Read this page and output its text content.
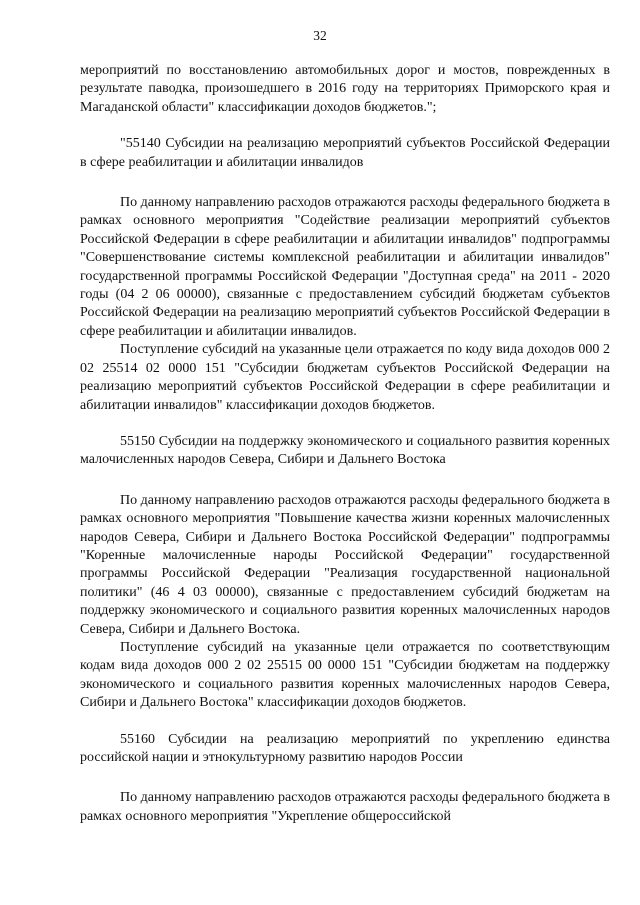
32

мероприятий по восстановлению автомобильных дорог и мостов, поврежденных в результате паводка, произошедшего в 2016 году на территориях Приморского края и Магаданской области" классификации доходов бюджетов.";

"55140 Субсидии на реализацию мероприятий субъектов Российской Федерации в сфере реабилитации и абилитации инвалидов

По данному направлению расходов отражаются расходы федерального бюджета в рамках основного мероприятия "Содействие реализации мероприятий субъектов Российской Федерации в сфере реабилитации и абилитации инвалидов" подпрограммы "Совершенствование системы комплексной реабилитации и абилитации инвалидов" государственной программы Российской Федерации "Доступная среда" на 2011 - 2020 годы (04 2 06 00000), связанные с предоставлением субсидий бюджетам субъектов Российской Федерации на реализацию мероприятий субъектов Российской Федерации в сфере реабилитации и абилитации инвалидов.

Поступление субсидий на указанные цели отражается по коду вида доходов 000 2 02 25514 02 0000 151 "Субсидии бюджетам субъектов Российской Федерации на реализацию мероприятий субъектов Российской Федерации в сфере реабилитации и абилитации инвалидов" классификации доходов бюджетов.

55150 Субсидии на поддержку экономического и социального развития коренных малочисленных народов Севера, Сибири и Дальнего Востока

По данному направлению расходов отражаются расходы федерального бюджета в рамках основного мероприятия "Повышение качества жизни коренных малочисленных народов Севера, Сибири и Дальнего Востока Российской Федерации" подпрограммы "Коренные малочисленные народы Российской Федерации" государственной программы Российской Федерации "Реализация государственной национальной политики" (46 4 03 00000), связанные с предоставлением субсидий бюджетам на поддержку экономического и социального развития коренных малочисленных народов Севера, Сибири и Дальнего Востока.

Поступление субсидий на указанные цели отражается по соответствующим кодам вида доходов 000 2 02 25515 00 0000 151 "Субсидии бюджетам на поддержку экономического и социального развития коренных малочисленных народов Севера, Сибири и Дальнего Востока" классификации доходов бюджетов.

55160 Субсидии на реализацию мероприятий по укреплению единства российской нации и этнокультурному развитию народов России

По данному направлению расходов отражаются расходы федерального бюджета в рамках основного мероприятия "Укрепление общероссийской
